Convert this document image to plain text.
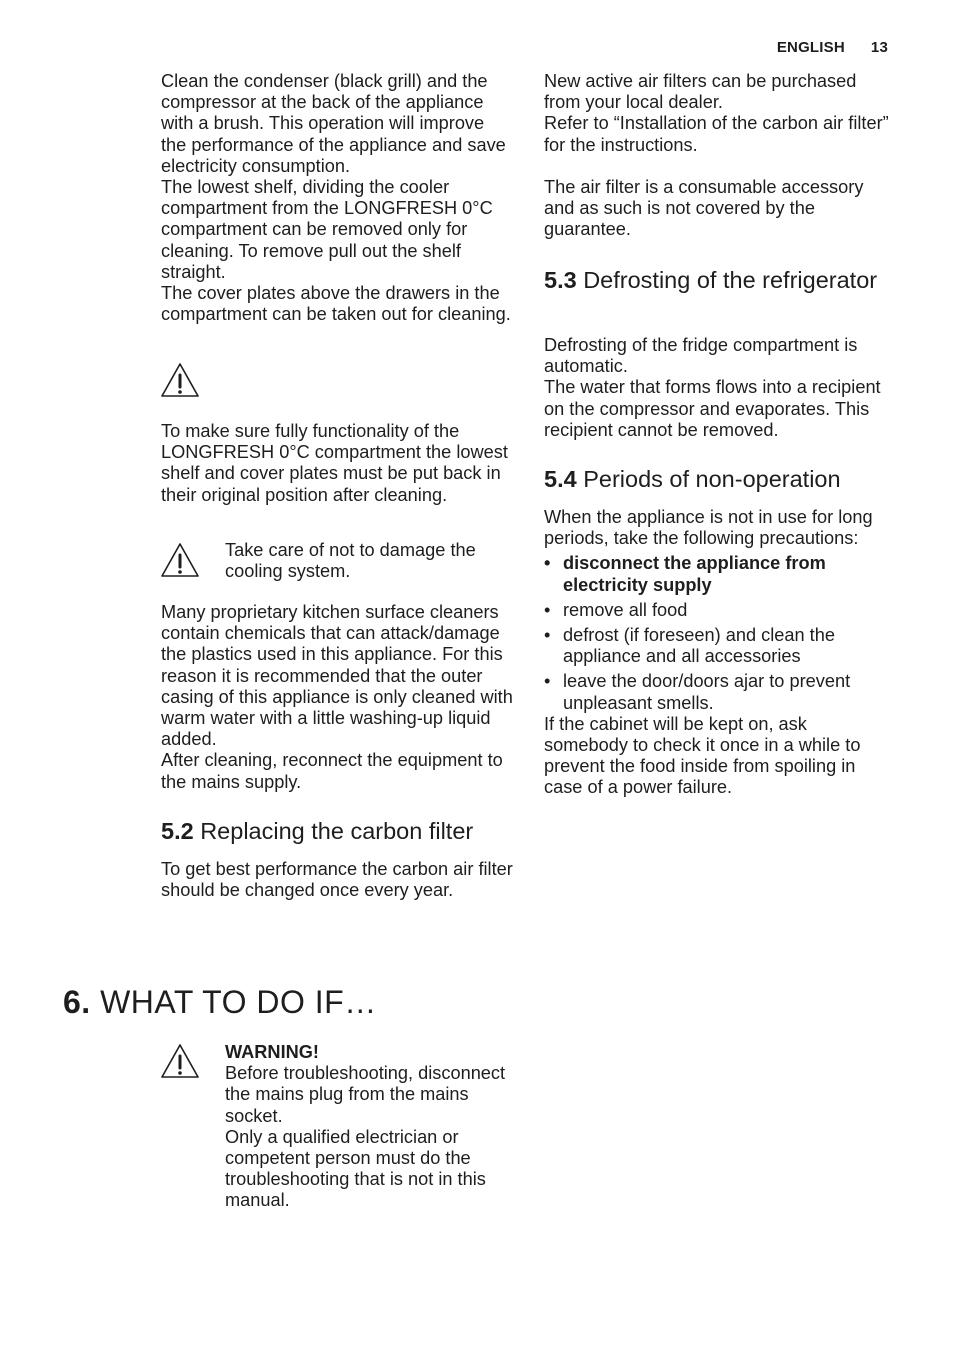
ENGLISH 13

Clean the condenser (black grill) and the compressor at the back of the appliance with a brush. This operation will improve the performance of the appliance and save electricity consumption.

The lowest shelf, dividing the cooler compartment from the LONGFRESH 0°C compartment can be removed only for cleaning. To remove pull out the shelf straight.

The cover plates above the drawers in the compartment can be taken out for cleaning.

To make sure fully functionality of the LONGFRESH 0°C compartment the lowest shelf and cover plates must be put back in their original position after cleaning.

Take care of not to damage the cooling system.

Many proprietary kitchen surface cleaners contain chemicals that can attack/damage the plastics used in this appliance. For this reason it is recommended that the outer casing of this appliance is only cleaned with warm water with a little washing-up liquid added.

After cleaning, reconnect the equipment to the mains supply.

5.2 Replacing the carbon filter

To get best performance the carbon air filter should be changed once every year.

New active air filters can be purchased from your local dealer.

Refer to “Installation of the carbon air filter” for the instructions.

The air filter is a consumable accessory and as such is not covered by the guarantee.

5.3 Defrosting of the refrigerator

Defrosting of the fridge compartment is automatic.

The water that forms flows into a recipient on the compressor and evaporates. This recipient cannot be removed.

5.4 Periods of non-operation

When the appliance is not in use for long periods, take the following precautions:

• disconnect the appliance from electricity supply
• remove all food
• defrost (if foreseen) and clean the appliance and all accessories
• leave the door/doors ajar to prevent unpleasant smells.

If the cabinet will be kept on, ask somebody to check it once in a while to prevent the food inside from spoiling in case of a power failure.

6. WHAT TO DO IF…

WARNING!

Before troubleshooting, disconnect the mains plug from the mains socket.

Only a qualified electrician or competent person must do the troubleshooting that is not in this manual.
